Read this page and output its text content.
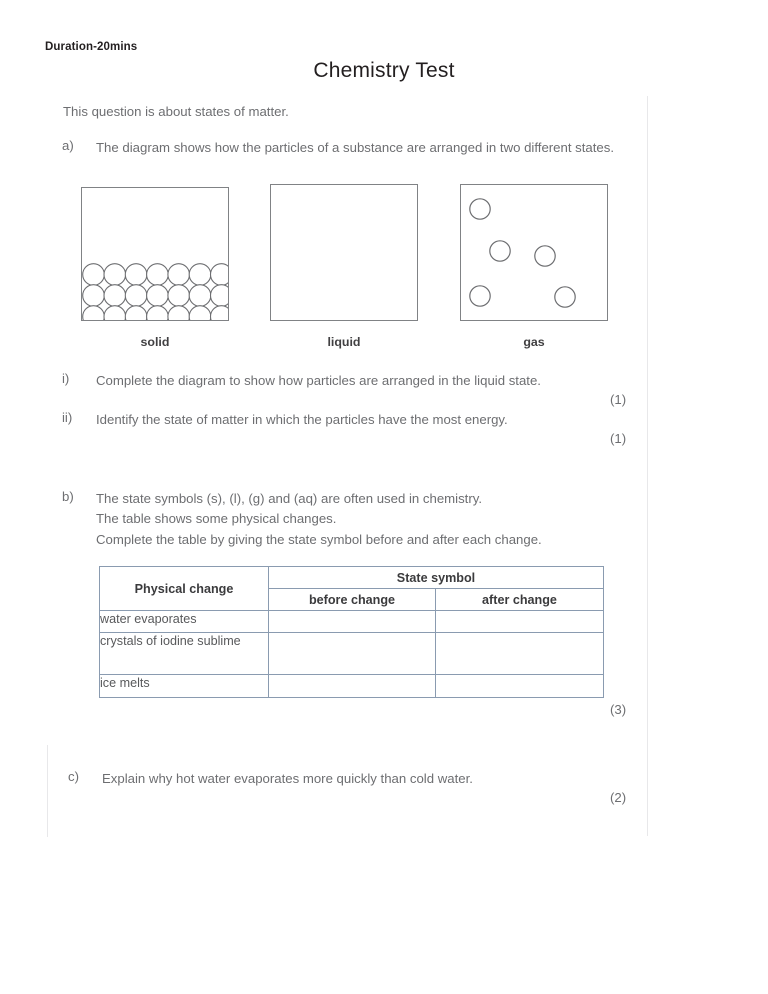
Duration-20mins
Chemistry Test
This question is about states of matter.
a) The diagram shows how the particles of a substance are arranged in two different states.
solid	liquid	gas
i) Complete the diagram to show how particles are arranged in the liquid state.
(1)
ii) Identify the state of matter in which the particles have the most energy.
(1)
b) The state symbols (s), (l), (g) and (aq) are often used in chemistry.
The table shows some physical changes.
Complete the table by giving the state symbol before and after each change.
Physical change	State symbol	
	before change	after change
water evaporates		
crystals of iodine sublime		
ice melts		
(3)
c) Explain why hot water evaporates more quickly than cold water.
(2)
